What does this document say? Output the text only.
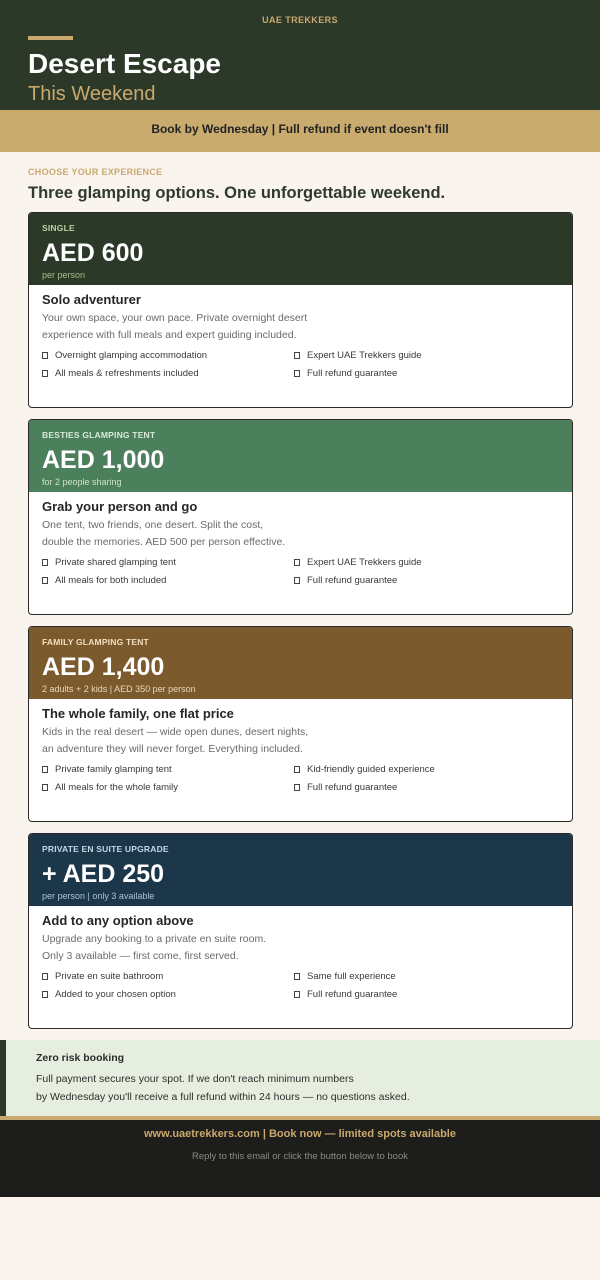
UAE TREKKERS
Desert Escape
This Weekend
Book by Wednesday | Full refund if event doesn't fill
CHOOSE YOUR EXPERIENCE
Three glamping options. One unforgettable weekend.
SINGLE
AED 600
per person
Solo adventurer
Your own space, your own pace. Private overnight desert
experience with full meals and expert guiding included.
Overnight glamping accommodation	Expert UAE Trekkers guide
All meals & refreshments included	Full refund guarantee
BESTIES GLAMPING TENT
AED 1,000
for 2 people sharing
Grab your person and go
One tent, two friends, one desert. Split the cost,
double the memories. AED 500 per person effective.
Private shared glamping tent	Expert UAE Trekkers guide
All meals for both included	Full refund guarantee
FAMILY GLAMPING TENT
AED 1,400
2 adults + 2 kids | AED 350 per person
The whole family, one flat price
Kids in the real desert — wide open dunes, desert nights,
an adventure they will never forget. Everything included.
Private family glamping tent	Kid-friendly guided experience
All meals for the whole family	Full refund guarantee
PRIVATE EN SUITE UPGRADE
+ AED 250
per person | only 3 available
Add to any option above
Upgrade any booking to a private en suite room.
Only 3 available — first come, first served.
Private en suite bathroom	Same full experience
Added to your chosen option	Full refund guarantee
Zero risk booking
Full payment secures your spot. If we don't reach minimum numbers
by Wednesday you'll receive a full refund within 24 hours — no questions asked.
www.uaetrekkers.com | Book now — limited spots available
Reply to this email or click the button below to book
